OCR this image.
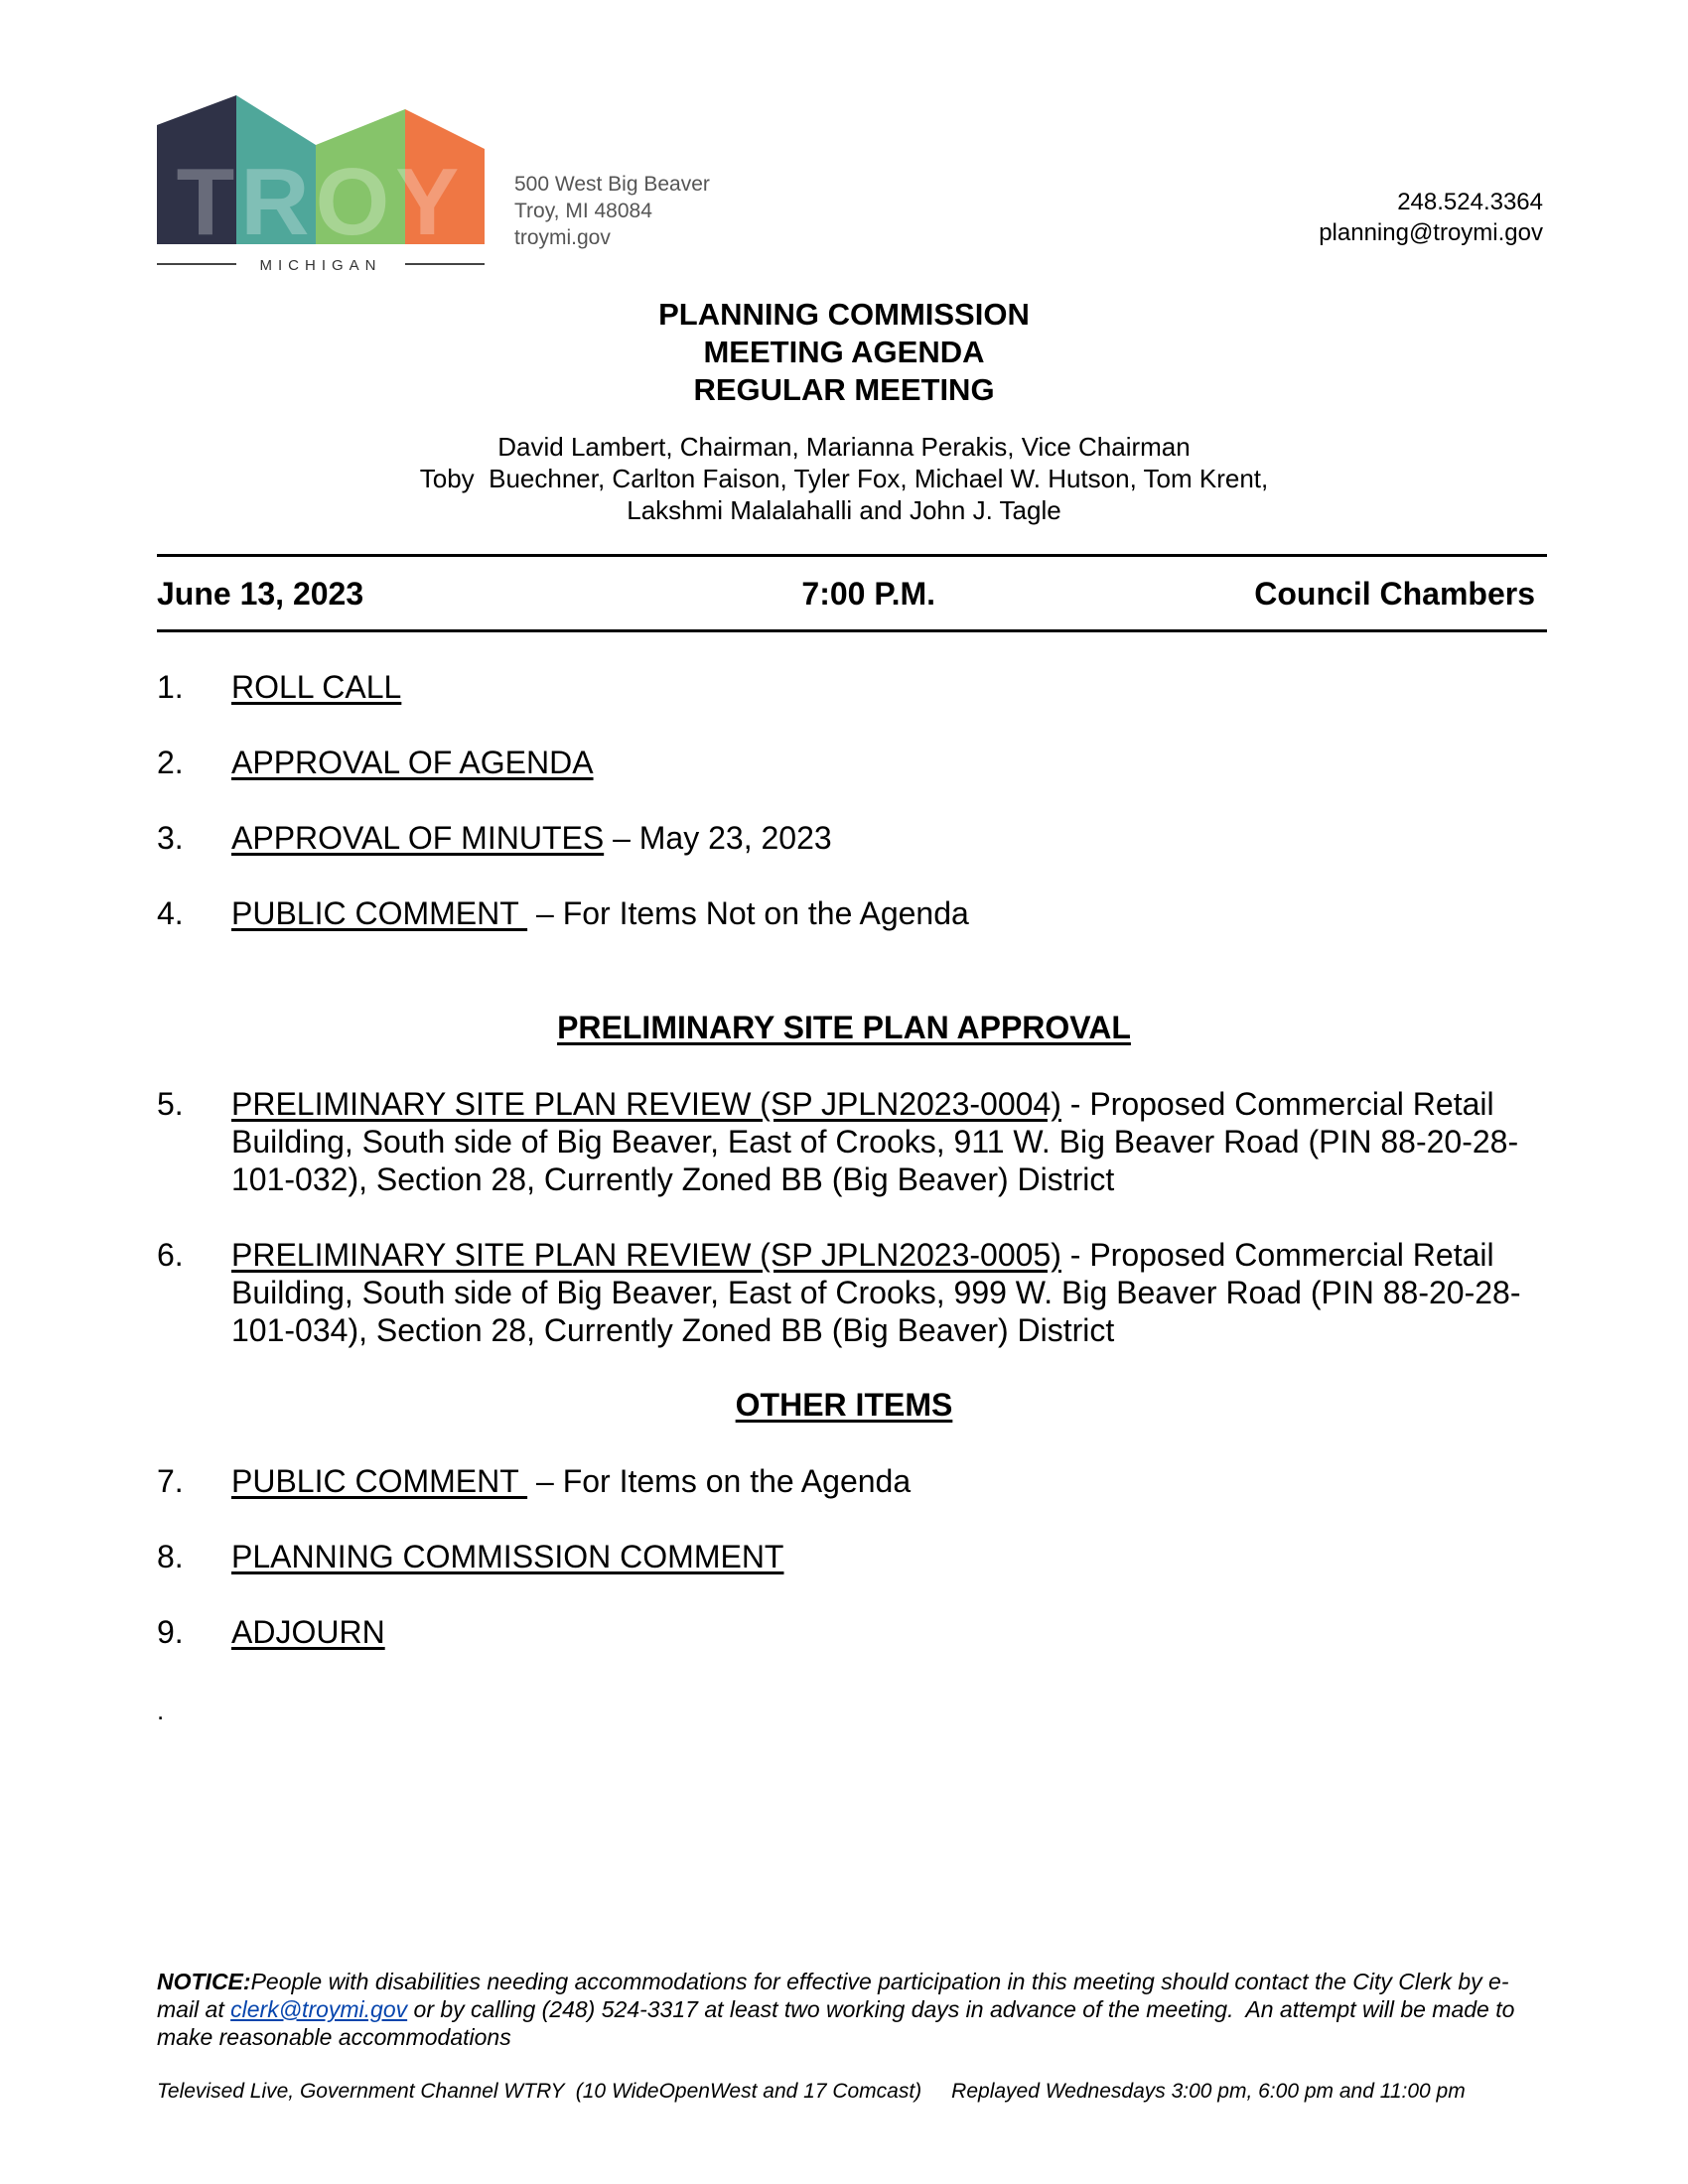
TROY
MICHIGAN
500 West Big Beaver
Troy, MI 48084
troymi.gov
248.524.3364
planning@troymi.gov
PLANNING COMMISSION
MEETING AGENDA
REGULAR MEETING
David Lambert, Chairman, Marianna Perakis, Vice Chairman
Toby  Buechner, Carlton Faison, Tyler Fox, Michael W. Hutson, Tom Krent,
Lakshmi Malalahalli and John J. Tagle
June 13, 2023	7:00 P.M.	Council Chambers
1. ROLL CALL
2. APPROVAL OF AGENDA
3. APPROVAL OF MINUTES – May 23, 2023
4. PUBLIC COMMENT  – For Items Not on the Agenda
PRELIMINARY SITE PLAN APPROVAL
5. PRELIMINARY SITE PLAN REVIEW (SP JPLN2023-0004) - Proposed Commercial Retail Building, South side of Big Beaver, East of Crooks, 911 W. Big Beaver Road (PIN 88-20-28-101-032), Section 28, Currently Zoned BB (Big Beaver) District
6. PRELIMINARY SITE PLAN REVIEW (SP JPLN2023-0005) - Proposed Commercial Retail Building, South side of Big Beaver, East of Crooks, 999 W. Big Beaver Road (PIN 88-20-28-101-034), Section 28, Currently Zoned BB (Big Beaver) District
OTHER ITEMS
7. PUBLIC COMMENT  – For Items on the Agenda
8. PLANNING COMMISSION COMMENT
9. ADJOURN
.
NOTICE:People with disabilities needing accommodations for effective participation in this meeting should contact the City Clerk by e-mail at clerk@troymi.gov or by calling (248) 524-3317 at least two working days in advance of the meeting.  An attempt will be made to make reasonable accommodations
Televised Live, Government Channel WTRY  (10 WideOpenWest and 17 Comcast) Replayed Wednesdays 3:00 pm, 6:00 pm and 11:00 pm
